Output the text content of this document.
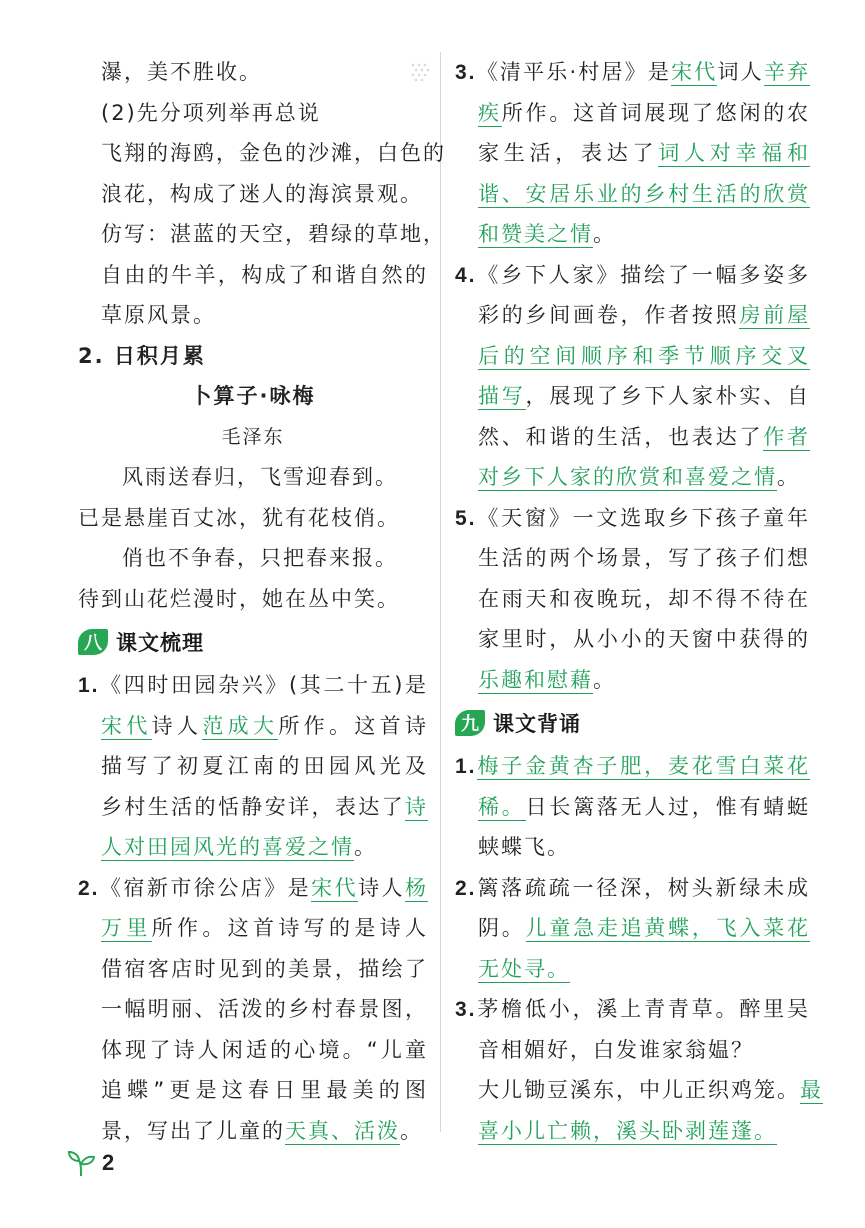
瀑，美不胜收。
(2)先分项列举再总说
飞翔的海鸥，金色的沙滩，白色的
浪花，构成了迷人的海滨景观。
仿写：湛蓝的天空，碧绿的草地，
自由的牛羊，构成了和谐自然的
草原风景。
2. 日积月累
卜算子·咏梅
毛泽东
风雨送春归，飞雪迎春到。
已是悬崖百丈冰，犹有花枝俏。
俏也不争春，只把春来报。
待到山花烂漫时，她在丛中笑。
八 课文梳理
1.《四时田园杂兴》(其二十五)是
宋代诗人范成大所作。这首诗
描写了初夏江南的田园风光及
乡村生活的恬静安详，表达了诗
人对田园风光的喜爱之情。
2.《宿新市徐公店》是宋代诗人杨
万里所作。这首诗写的是诗人
借宿客店时见到的美景，描绘了
一幅明丽、活泼的乡村春景图，
体现了诗人闲适的心境。“儿童
追蝶”更是这春日里最美的图
景，写出了儿童的天真、活泼。
3.《清平乐·村居》是宋代词人辛弃
疾所作。这首词展现了悠闲的农
家生活，表达了词人对幸福和
谐、安居乐业的乡村生活的欣赏
和赞美之情。
4.《乡下人家》描绘了一幅多姿多
彩的乡间画卷，作者按照房前屋
后的空间顺序和季节顺序交叉
描写，展现了乡下人家朴实、自
然、和谐的生活，也表达了作者
对乡下人家的欣赏和喜爱之情。
5.《天窗》一文选取乡下孩子童年
生活的两个场景，写了孩子们想
在雨天和夜晚玩，却不得不待在
家里时，从小小的天窗中获得的
乐趣和慰藉。
九 课文背诵
1.梅子金黄杏子肥，麦花雪白菜花
稀。日长篱落无人过，惟有蜻蜓
蛱蝶飞。
2.篱落疏疏一径深，树头新绿未成
阴。儿童急走追黄蝶，飞入菜花
无处寻。
3.茅檐低小，溪上青青草。醉里吴
音相媚好，白发谁家翁媪？
大儿锄豆溪东，中儿正织鸡笼。最
喜小儿亡赖，溪头卧剥莲蓬。
2
